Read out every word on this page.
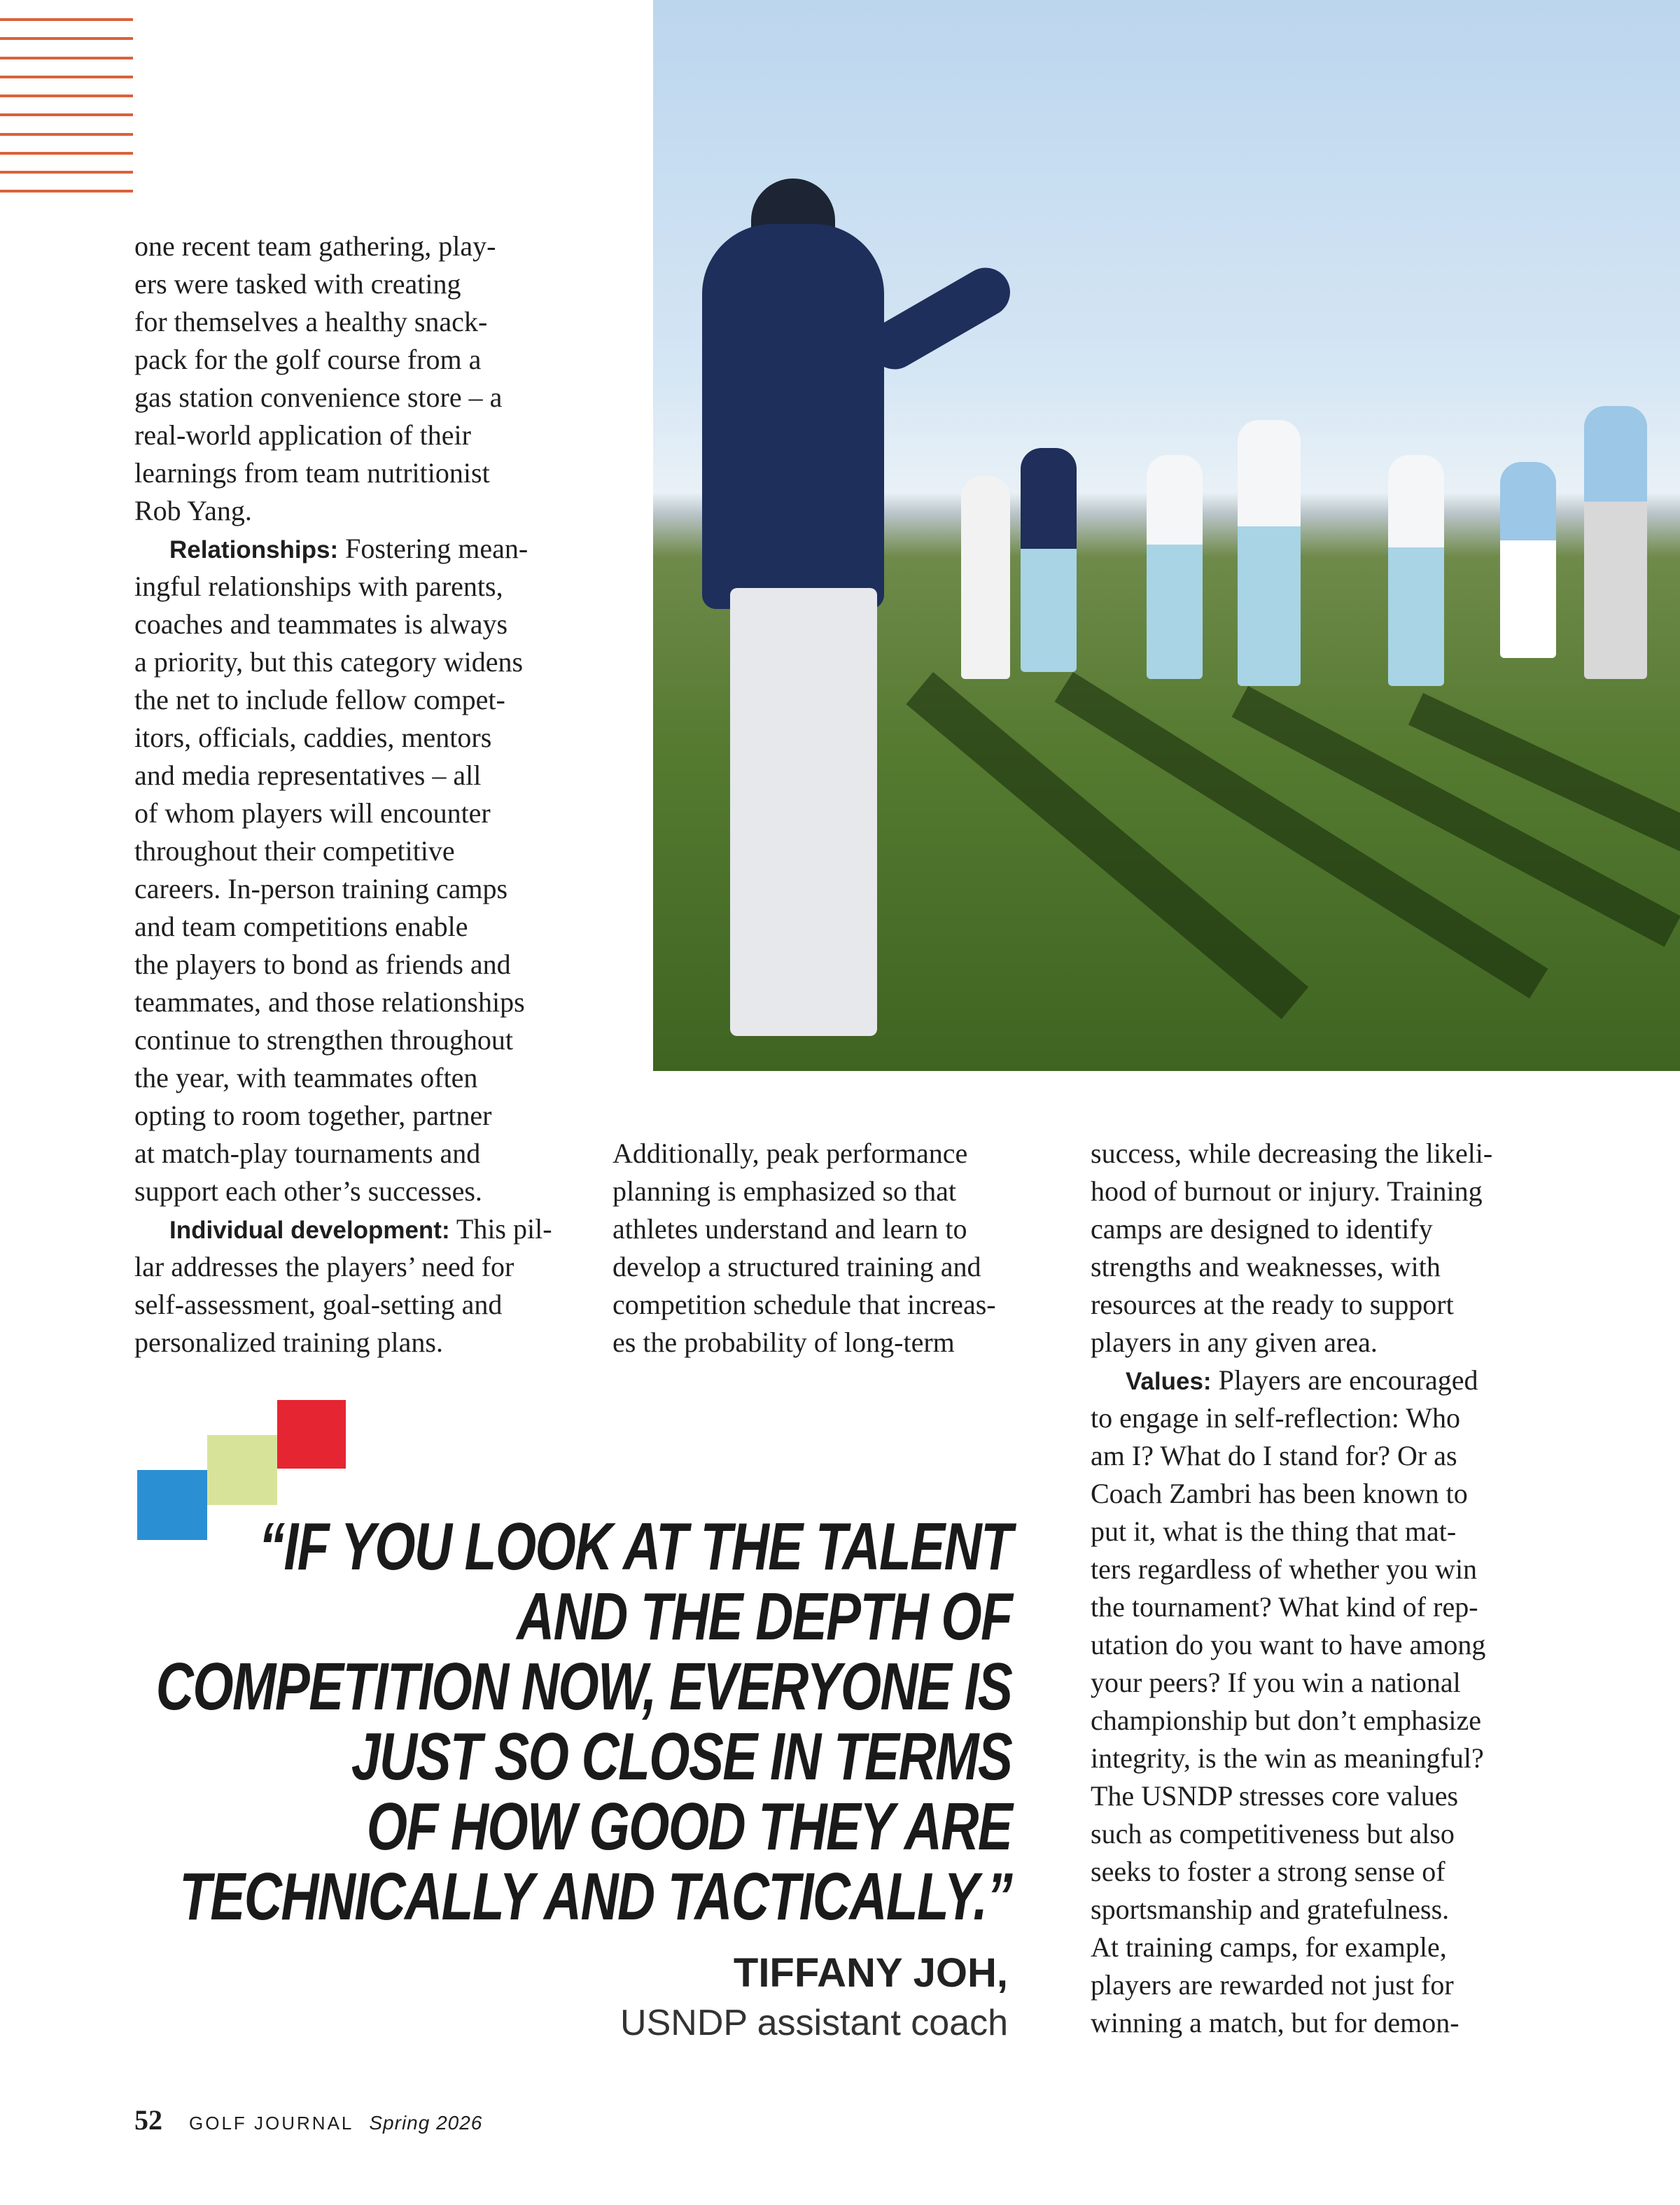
one recent team gathering, play-
ers were tasked with creating
for themselves a healthy snack-
pack for the golf course from a
gas station convenience store – a
real-world application of their
learnings from team nutritionist
Rob Yang.
Relationships: Fostering mean-
ingful relationships with parents,
coaches and teammates is always
a priority, but this category widens
the net to include fellow compet-
itors, officials, caddies, mentors
and media representatives – all
of whom players will encounter
throughout their competitive
careers. In-person training camps
and team competitions enable
the players to bond as friends and
teammates, and those relationships
continue to strengthen throughout
the year, with teammates often
opting to room together, partner
at match-play tournaments and
support each other’s successes.
Individual development: This pil-
lar addresses the players’ need for
self-assessment, goal-setting and
personalized training plans.
Additionally, peak performance
planning is emphasized so that
athletes understand and learn to
develop a structured training and
competition schedule that increas-
es the probability of long-term
success, while decreasing the likeli-
hood of burnout or injury. Training
camps are designed to identify
strengths and weaknesses, with
resources at the ready to support
players in any given area.
Values: Players are encouraged
to engage in self-reflection: Who
am I? What do I stand for? Or as
Coach Zambri has been known to
put it, what is the thing that mat-
ters regardless of whether you win
the tournament? What kind of rep-
utation do you want to have among
your peers? If you win a national
championship but don’t emphasize
integrity, is the win as meaningful?
The USNDP stresses core values
such as competitiveness but also
seeks to foster a strong sense of
sportsmanship and gratefulness.
At training camps, for example,
players are rewarded not just for
winning a match, but for demon-
“IF YOU LOOK AT THE TALENT
AND THE DEPTH OF
COMPETITION NOW, EVERYONE IS
JUST SO CLOSE IN TERMS
OF HOW GOOD THEY ARE
TECHNICALLY AND TACTICALLY.”
TIFFANY JOH,
USNDP assistant coach
52 GOLF JOURNAL Spring 2026
